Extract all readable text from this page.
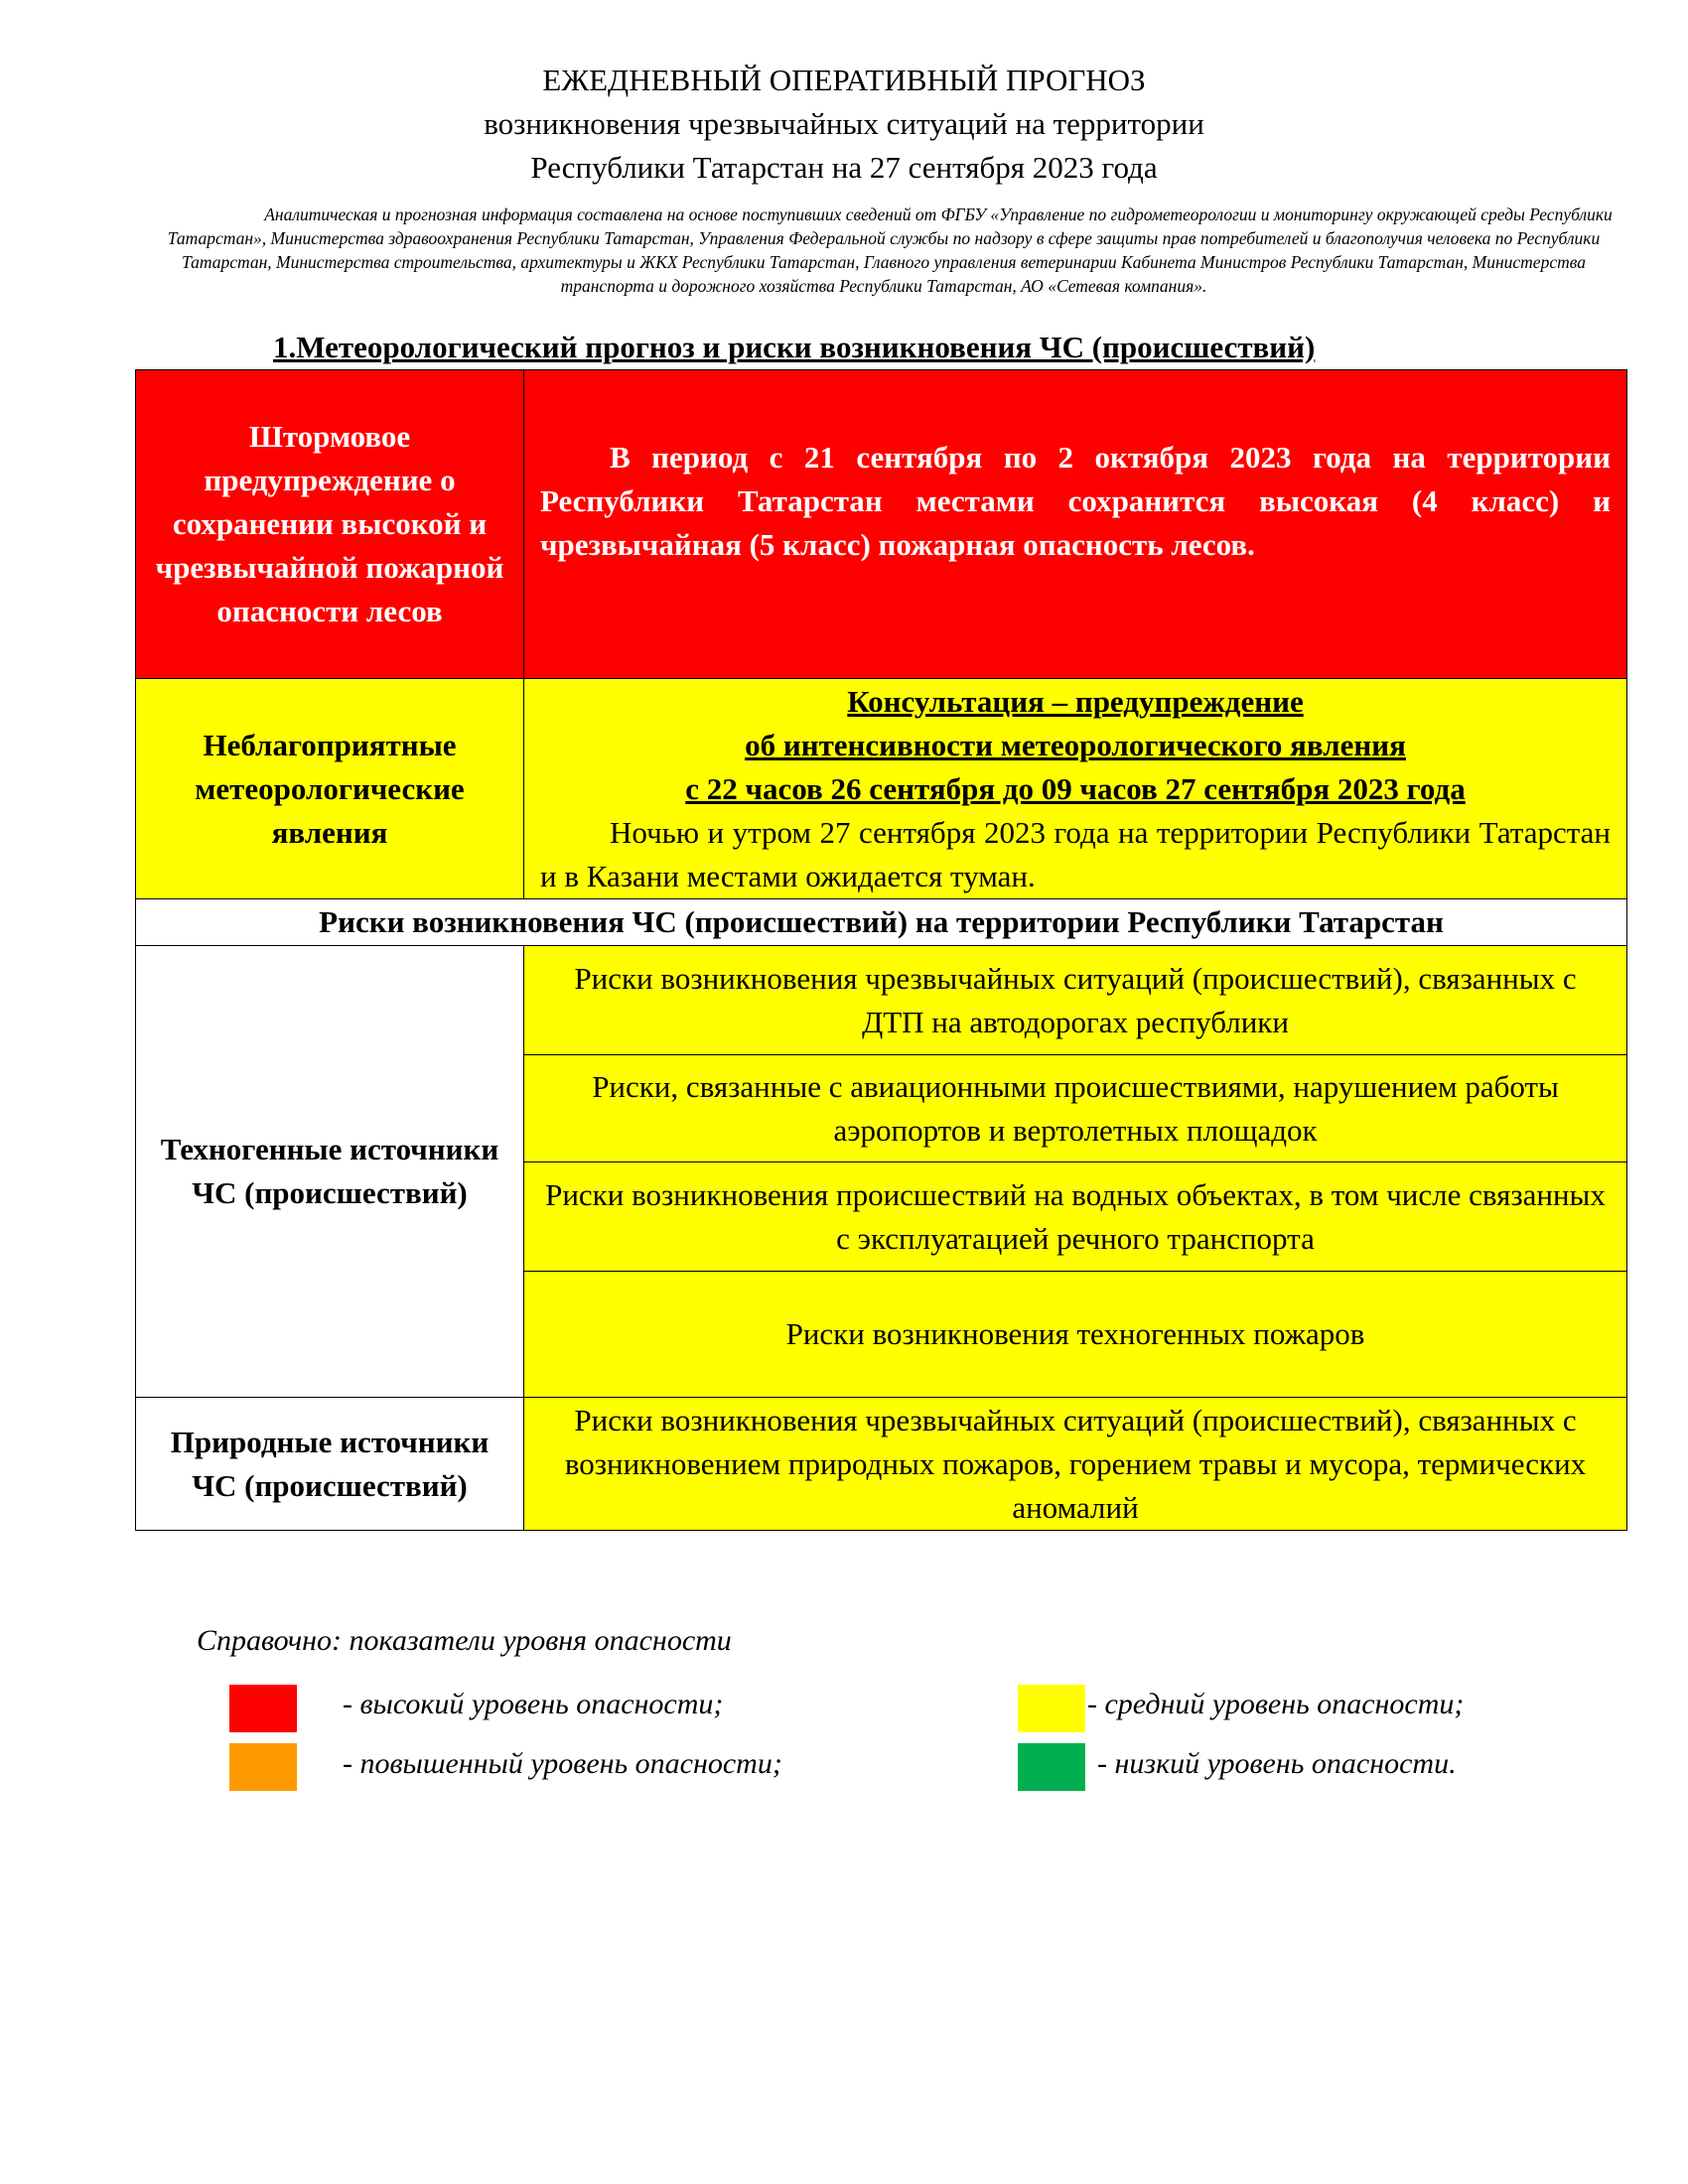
ЕЖЕДНЕВНЫЙ ОПЕРАТИВНЫЙ ПРОГНОЗ
возникновения чрезвычайных ситуаций на территории
Республики Татарстан на 27 сентября 2023 года
Аналитическая и прогнозная информация составлена на основе поступивших сведений от ФГБУ «Управление по гидрометеорологии и мониторингу окружающей среды Республики Татарстан», Министерства здравоохранения Республики Татарстан, Управления Федеральной службы по надзору в сфере защиты прав потребителей и благополучия человека по Республики Татарстан, Министерства строительства, архитектуры и ЖКХ Республики Татарстан, Главного управления ветеринарии Кабинета Министров Республики Татарстан, Министерства транспорта и дорожного хозяйства Республики Татарстан, АО «Сетевая компания».
1.Метеорологический прогноз и риски возникновения ЧС (происшествий)
Штормовое предупреждение о сохранении высокой и чрезвычайной пожарной опасности лесов	В период с 21 сентября по 2 октября 2023 года на территории Республики Татарстан местами сохранится высокая (4 класс) и чрезвычайная (5 класс) пожарная опасность лесов.

Неблагоприятные метеорологические явления	Консультация – предупреждение
об интенсивности метеорологического явления
с 22 часов 26 сентября до 09 часов 27 сентября 2023 года
Ночью и утром 27 сентября 2023 года на территории Республики Татарстан и в Казани местами ожидается туман.

Риски возникновения ЧС (происшествий) на территории Республики Татарстан	
Техногенные источники ЧС (происшествий)	Риски возникновения чрезвычайных ситуаций (происшествий), связанных с ДТП на автодорогах республики
	Риски, связанные с авиационными происшествиями, нарушением работы аэропортов и вертолетных площадок
	Риски возникновения происшествий на водных объектах, в том числе связанных с эксплуатацией речного транспорта
	Риски возникновения техногенных пожаров
Природные источники ЧС (происшествий)	Риски возникновения чрезвычайных ситуаций (происшествий), связанных с возникновением природных пожаров, горением травы и мусора, термических аномалий
Справочно: показатели уровня опасности
- высокий уровень опасности;	- средний уровень опасности;
- повышенный уровень опасности;	- низкий уровень опасности.
